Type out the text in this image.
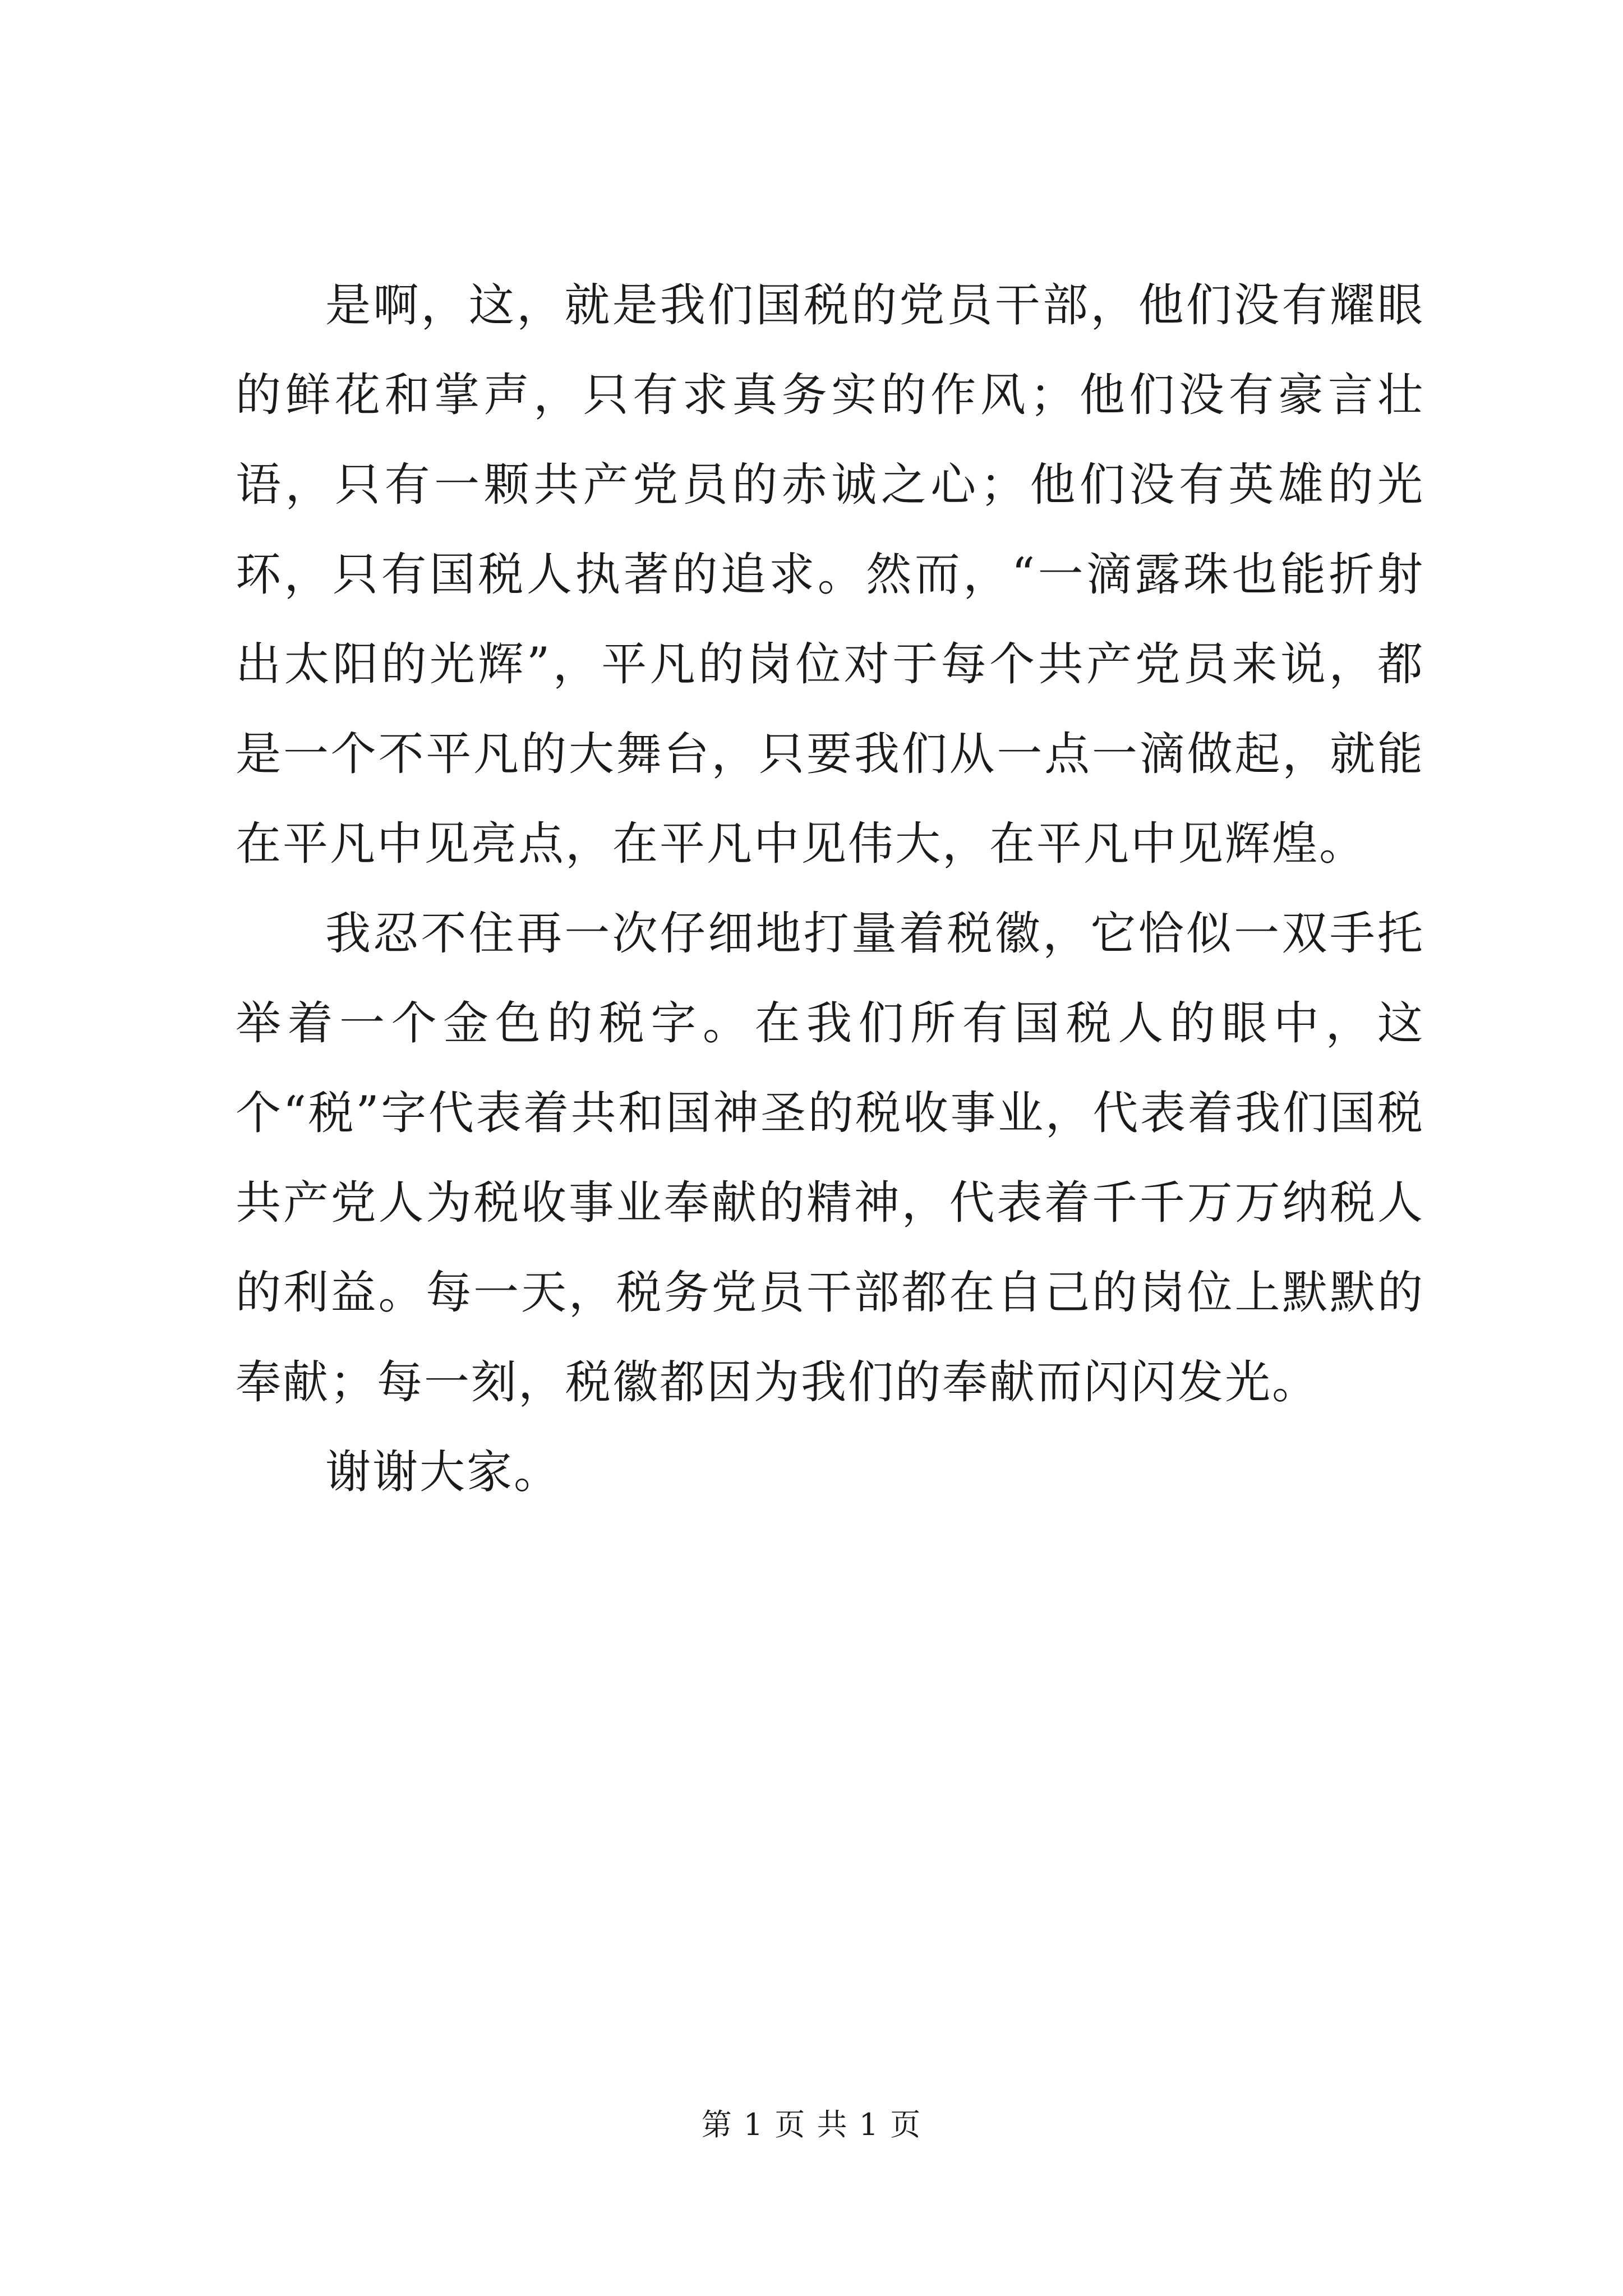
是啊，这，就是我们国税的党员干部，他们没有耀眼的鲜花和掌声，只有求真务实的作风；他们没有豪言壮语，只有一颗共产党员的赤诚之心；他们没有英雄的光环，只有国税人执著的追求。然而，“一滴露珠也能折射出太阳的光辉”，平凡的岗位对于每个共产党员来说，都是一个不平凡的大舞台，只要我们从一点一滴做起，就能在平凡中见亮点，在平凡中见伟大，在平凡中见辉煌。

我忍不住再一次仔细地打量着税徽，它恰似一双手托举着一个金色的税字。在我们所有国税人的眼中，这个“税”字代表着共和国神圣的税收事业，代表着我们国税共产党人为税收事业奉献的精神，代表着千千万万纳税人的利益。每一天，税务党员干部都在自己的岗位上默默的奉献；每一刻，税徽都因为我们的奉献而闪闪发光。

谢谢大家。

第 1 页 共 1 页
